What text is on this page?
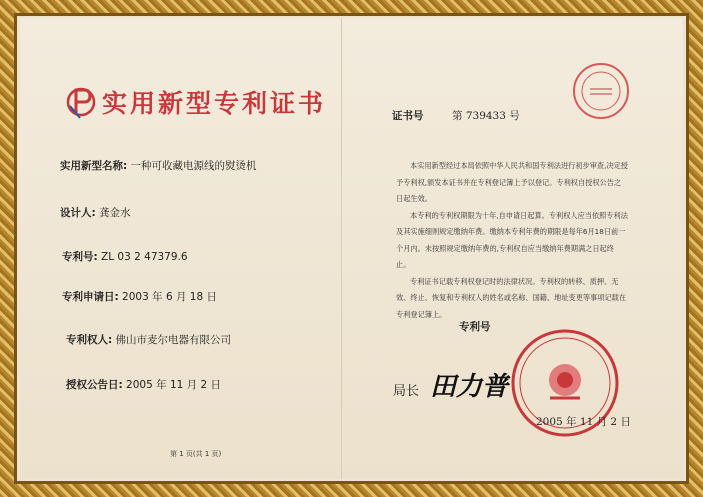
实用新型专利证书
实用新型名称: 一种可收藏电源线的熨烫机
设计人: 龚金水
专利号: ZL 03 2 47379.6
专利申请日: 2003 年 6 月 18 日
专利权人: 佛山市麦尔电器有限公司
授权公告日: 2005 年 11 月 2 日
第 1 页(共 1 页)
证书号	第 739433 号

本实用新型经过本局依照中华人民共和国专利法进行初步审查,决定授予专利权,颁发本证书并在专利登记簿上予以登记。专利权自授权公告之日起生效。

本专利的专利权期限为十年,自申请日起算。专利权人应当依照专利法及其实施细则规定缴纳年费。缴纳本专利年费的期限是每年6月18日前一个月内。未按照规定缴纳年费的,专利权自应当缴纳年费期满之日起终止。

专利证书记载专利权登记时的法律状况。专利权的转移、质押、无效、终止、恢复和专利权人的姓名或名称、国籍、地址变更等事项记载在专利登记簿上。

专利号
局长 田力普
2005 年 11 月 2 日
